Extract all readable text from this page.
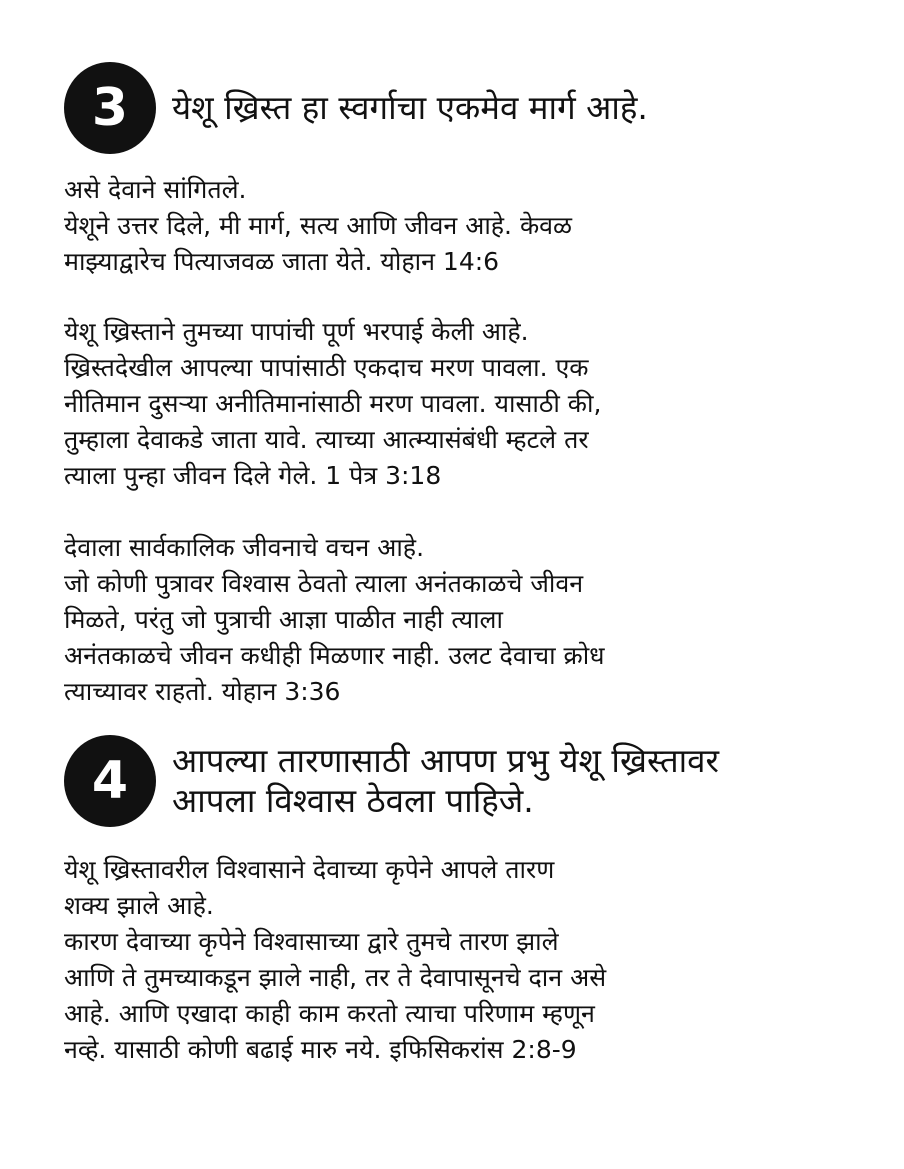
3	येशू ख्रिस्त हा स्वर्गाचा एकमेव मार्ग आहे.
असे देवाने सांगितले.
येशूने उत्तर दिले, मी मार्ग, सत्य आणि जीवन आहे. केवळ
माझ्याद्वारेच पित्याजवळ जाता येते. योहान 14:6
येशू ख्रिस्ताने तुमच्या पापांची पूर्ण भरपाई केली आहे.
ख्रिस्तदेखील आपल्या पापांसाठी एकदाच मरण पावला. एक
नीतिमान दुसऱ्या अनीतिमानांसाठी मरण पावला. यासाठी की,
तुम्हाला देवाकडे जाता यावे. त्याच्या आत्म्यासंबंधी म्हटले तर
त्याला पुन्हा जीवन दिले गेले. 1 पेत्र 3:18
देवाला सार्वकालिक जीवनाचे वचन आहे.
जो कोणी पुत्रावर विश्वास ठेवतो त्याला अनंतकाळचे जीवन
मिळते, परंतु जो पुत्राची आज्ञा पाळीत नाही त्याला
अनंतकाळचे जीवन कधीही मिळणार नाही. उलट देवाचा क्रोध
त्याच्यावर राहतो. योहान 3:36
4	आपल्या तारणासाठी आपण प्रभु येशू ख्रिस्तावर
आपला विश्वास ठेवला पाहिजे.
येशू ख्रिस्तावरील विश्वासाने देवाच्या कृपेने आपले तारण
शक्य झाले आहे.
कारण देवाच्या कृपेने विश्वासाच्या द्वारे तुमचे तारण झाले
आणि ते तुमच्याकडून झाले नाही, तर ते देवापासूनचे दान असे
आहे. आणि एखादा काही काम करतो त्याचा परिणाम म्हणून
नव्हे. यासाठी कोणी बढाई मारु नये. इफिसिकरांस 2:8-9
